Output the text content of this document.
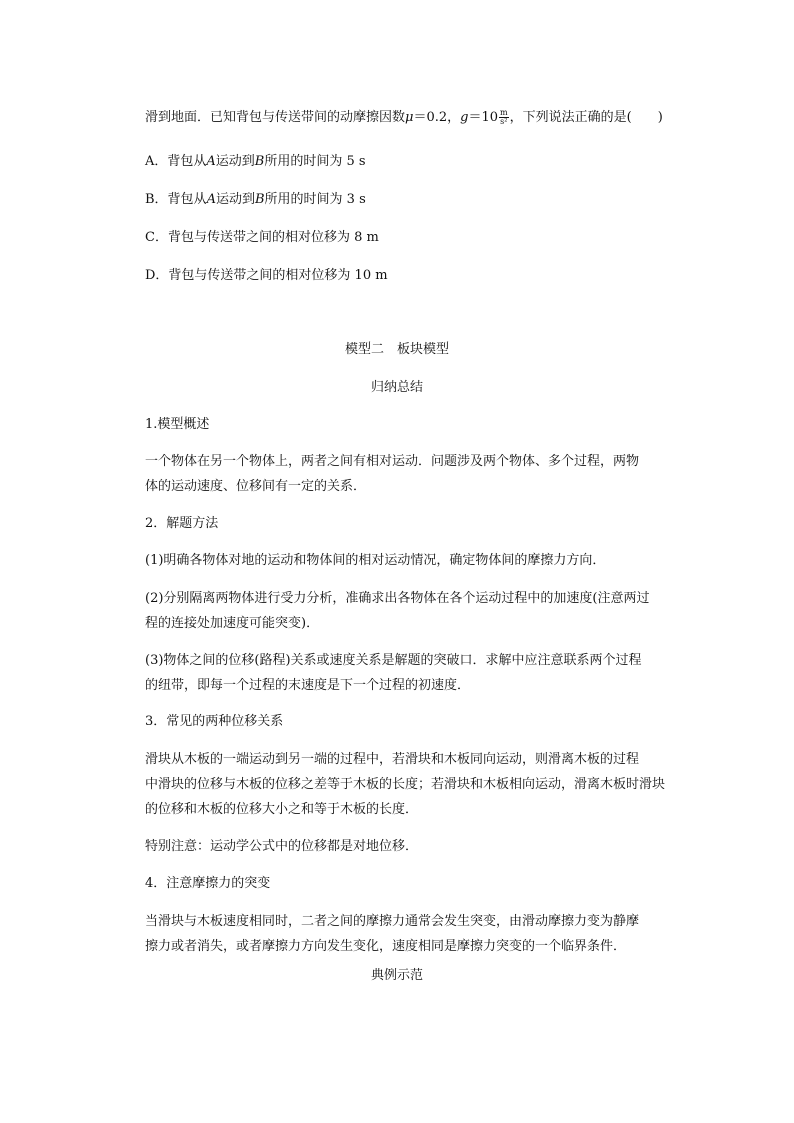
滑到地面．已知背包与传送带间的动摩擦因数μ＝0.2，$g=10 \frac{m}{\text{s²}}$ ，下列说法正确的是(　　)
A．背包从A运动到B所用的时间为 5 s
B．背包从A运动到B所用的时间为 3 s
C．背包与传送带之间的相对位移为 8 m
D．背包与传送带之间的相对位移为 10 m
模型二　板块模型
归纳总结
1.模型概述
一个物体在另一个物体上，两者之间有相对运动．问题涉及两个物体、多个过程，两物
体的运动速度、位移间有一定的关系．
2．解题方法
(1)明确各物体对地的运动和物体间的相对运动情况，确定物体间的摩擦力方向．
(2)分别隔离两物体进行受力分析，准确求出各物体在各个运动过程中的加速度(注意两过
程的连接处加速度可能突变)．
(3)物体之间的位移(路程)关系或速度关系是解题的突破口．求解中应注意联系两个过程
的纽带，即每一个过程的末速度是下一个过程的初速度．
3．常见的两种位移关系
滑块从木板的一端运动到另一端的过程中，若滑块和木板同向运动，则滑离木板的过程
中滑块的位移与木板的位移之差等于木板的长度；若滑块和木板相向运动，滑离木板时滑块
的位移和木板的位移大小之和等于木板的长度．
特别注意：运动学公式中的位移都是对地位移．
4．注意摩擦力的突变
当滑块与木板速度相同时，二者之间的摩擦力通常会发生突变，由滑动摩擦力变为静摩
擦力或者消失，或者摩擦力方向发生变化，速度相同是摩擦力突变的一个临界条件．
典例示范
